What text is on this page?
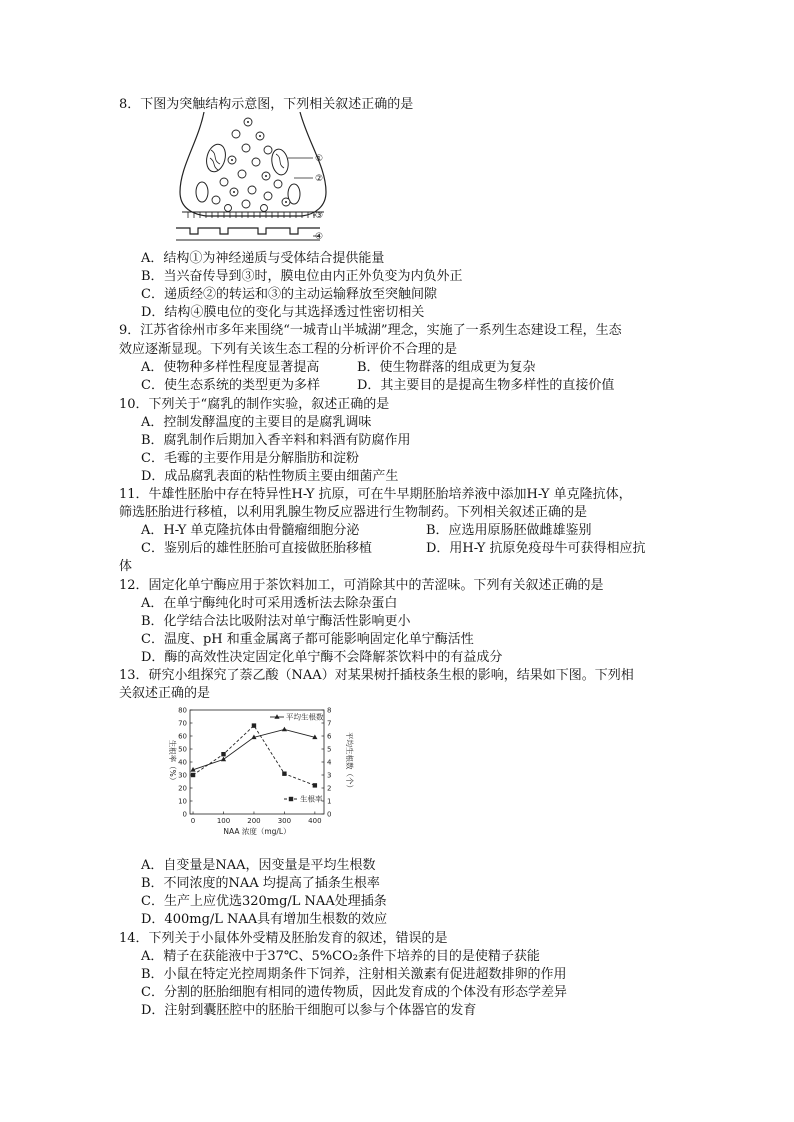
8．下图为突触结构示意图，下列相关叙述正确的是
①
②
③
④
A．结构①为神经递质与受体结合提供能量
B．当兴奋传导到③时，膜电位由内正外负变为内负外正
C．递质经②的转运和③的主动运输释放至突触间隙
D．结构④膜电位的变化与其选择透过性密切相关
9．江苏省徐州市多年来围绕“一城青山半城湖”理念，实施了一系列生态建设工程，生态
效应逐渐显现。下列有关该生态工程的分析评价不合理的是
A．使物种多样性程度显著提高	B．使生物群落的组成更为复杂
C．使生态系统的类型更为多样	D．其主要目的是提高生物多样性的直接价值
10．下列关于“腐乳的制作实验，叙述正确的是
A．控制发酵温度的主要目的是腐乳调味
B．腐乳制作后期加入香辛料和料酒有防腐作用
C．毛霉的主要作用是分解脂肪和淀粉
D．成品腐乳表面的粘性物质主要由细菌产生
11．牛雄性胚胎中存在特异性H-Y 抗原，可在牛早期胚胎培养液中添加H-Y 单克隆抗体，
筛选胚胎进行移植，以利用乳腺生物反应器进行生物制药。下列相关叙述正确的是
A．H-Y 单克隆抗体由骨髓瘤细胞分泌	B．应选用原肠胚做雌雄鉴别
C．鉴别后的雄性胚胎可直接做胚胎移植	D．用H-Y 抗原免疫母牛可获得相应抗
体
12．固定化单宁酶应用于茶饮料加工，可消除其中的苦涩味。下列有关叙述正确的是
A．在单宁酶纯化时可采用透析法去除杂蛋白
B．化学结合法比吸附法对单宁酶活性影响更小
C．温度、pH 和重金属离子都可能影响固定化单宁酶活性
D．酶的高效性决定固定化单宁酶不会降解茶饮料中的有益成分
13．研究小组探究了萘乙酸（NAA）对某果树扦插枝条生根的影响，结果如下图。下列相
关叙述正确的是
0
10
20
30
40
50
60
70
80
0
1
2
3
4
5
6
7
8
0	100 200 300 400
NAA 浓度（mg/L）
生根率（%）	平均生根数（个）
平均生根数
生根率
A．自变量是NAA，因变量是平均生根数
B．不同浓度的NAA 均提高了插条生根率
C．生产上应优选320mg/L NAA处理插条
D．400mg/L NAA具有增加生根数的效应
14．下列关于小鼠体外受精及胚胎发育的叙述，错误的是
A．精子在获能液中于37℃、5%CO₂条件下培养的目的是使精子获能
B．小鼠在特定光控周期条件下饲养，注射相关激素有促进超数排卵的作用
C．分割的胚胎细胞有相同的遗传物质，因此发育成的个体没有形态学差异
D．注射到囊胚腔中的胚胎干细胞可以参与个体器官的发育
